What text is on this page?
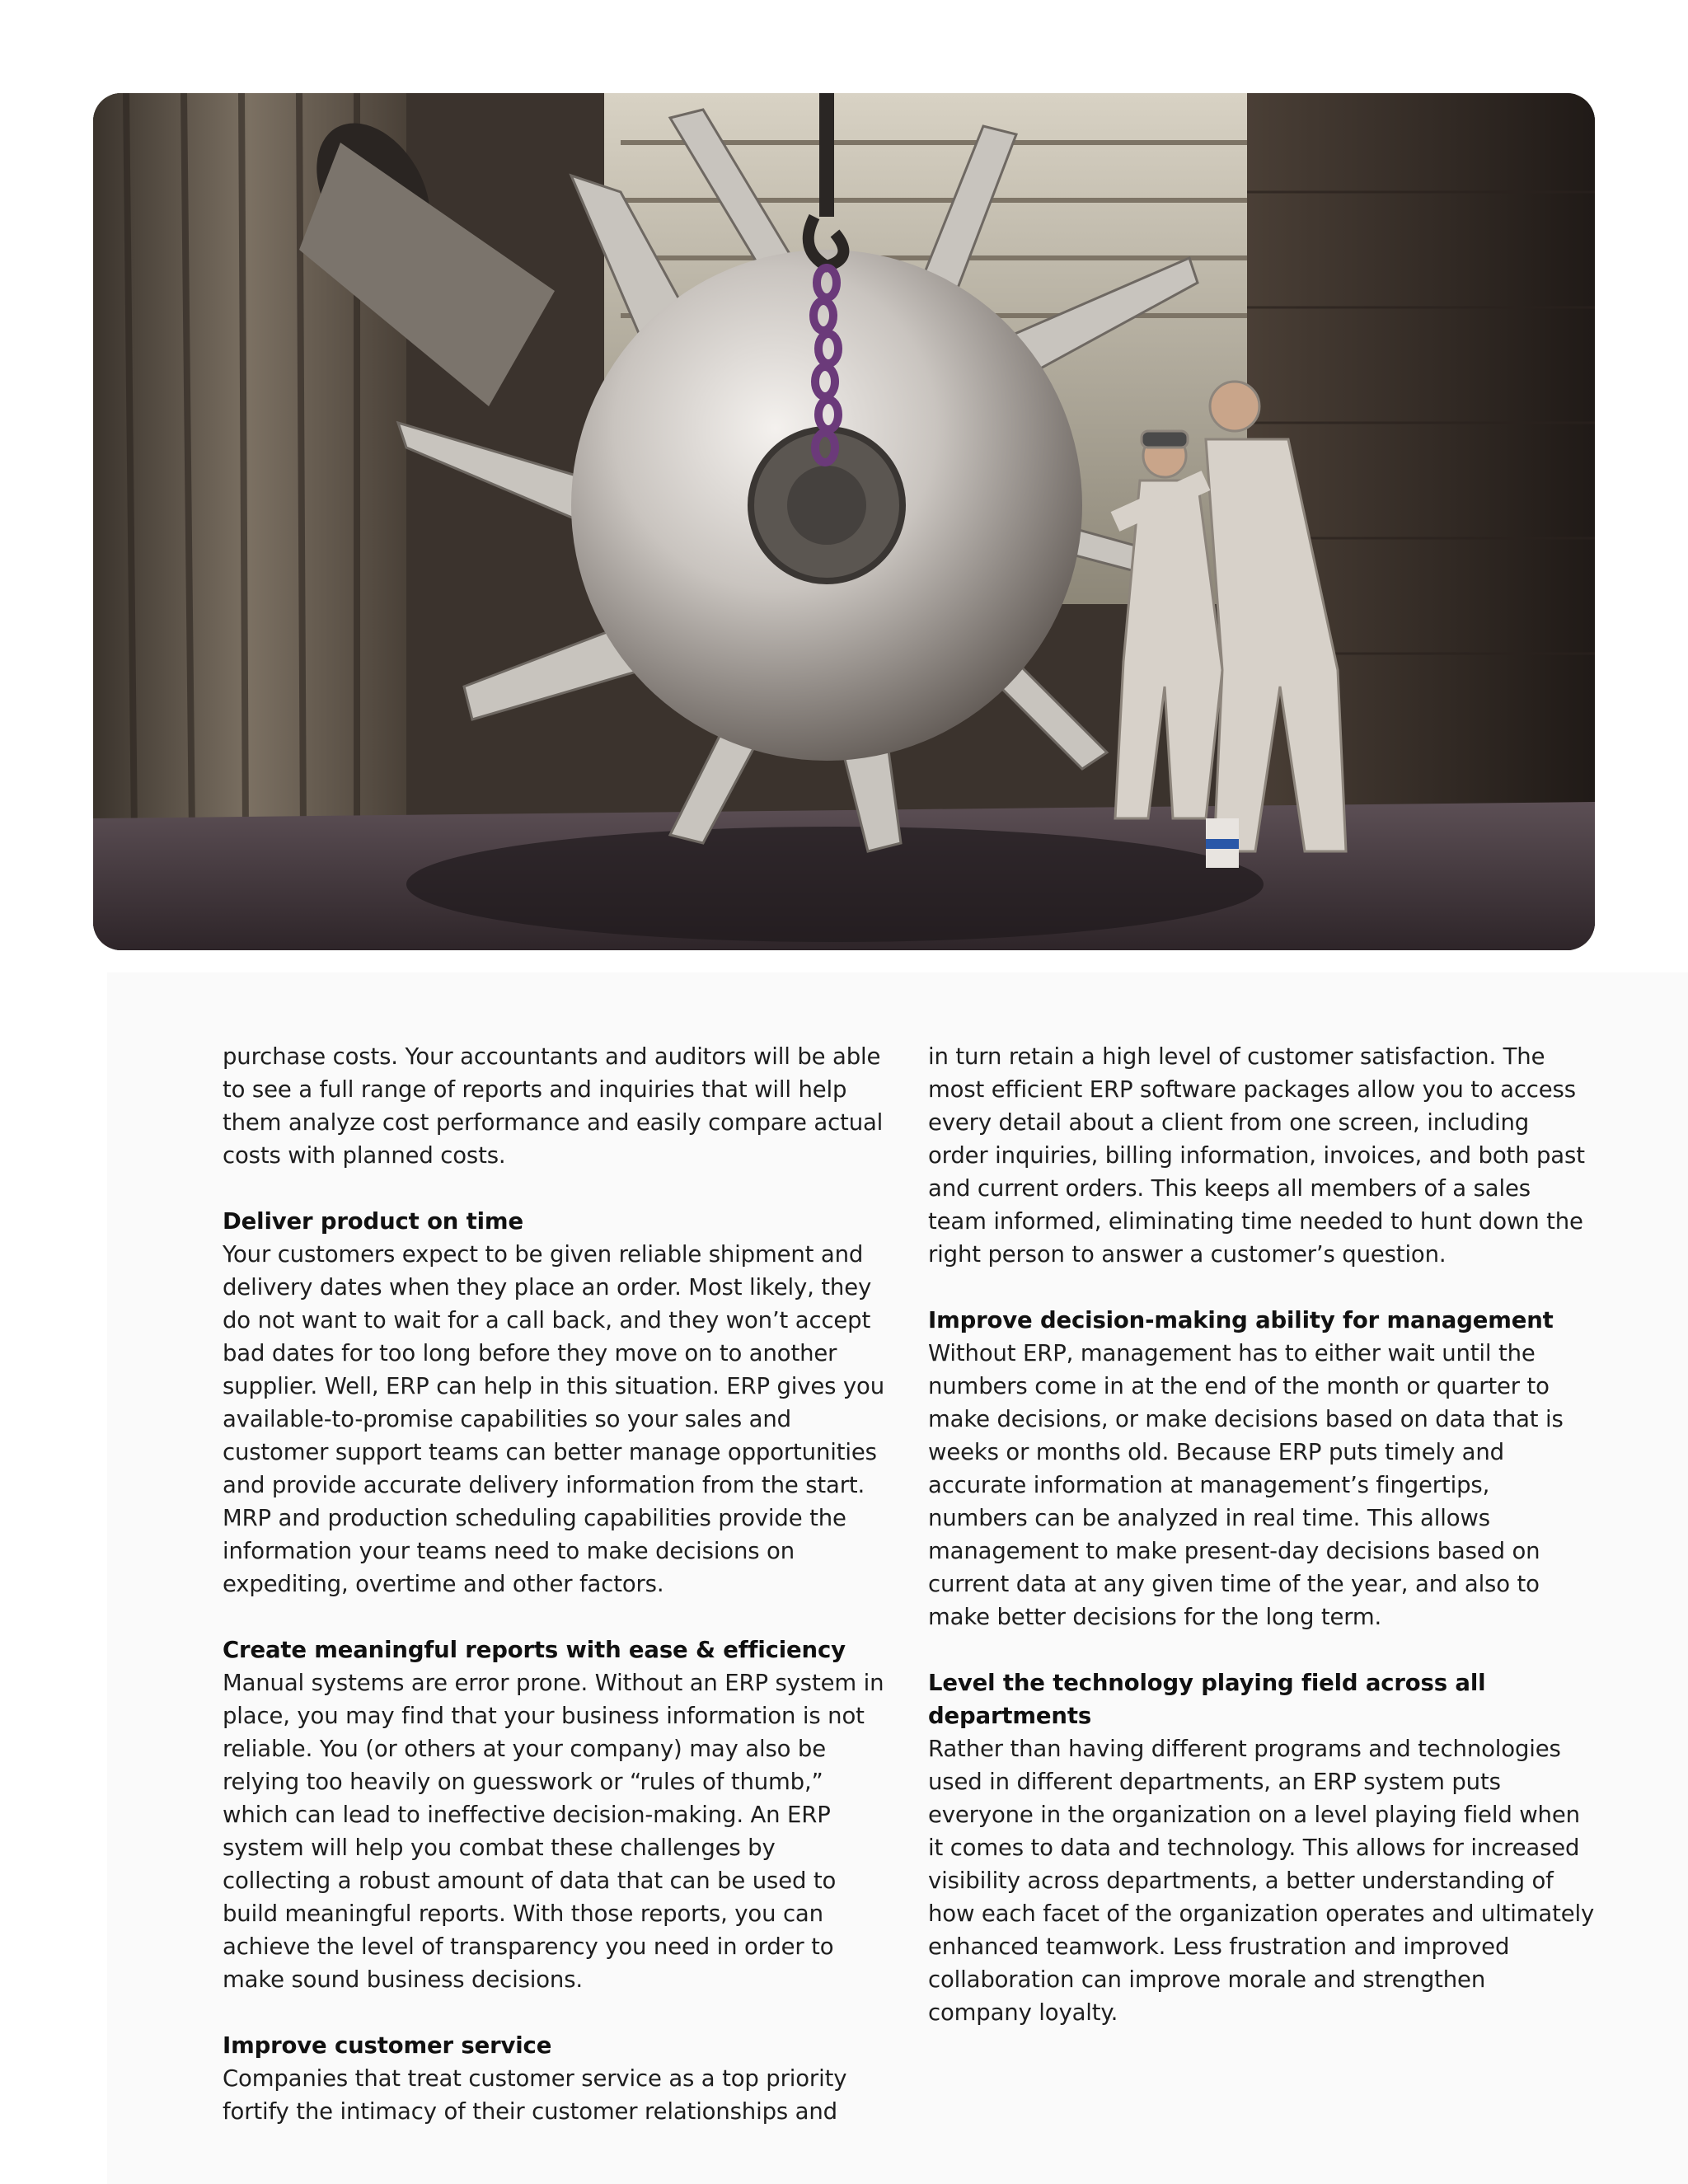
purchase costs. Your accountants and auditors will be able to see a full range of reports and inquiries that will help them analyze cost performance and easily compare actual costs with planned costs.

Deliver product on time

Your customers expect to be given reliable shipment and delivery dates when they place an order. Most likely, they do not want to wait for a call back, and they won’t accept bad dates for too long before they move on to another supplier. Well, ERP can help in this situation. ERP gives you available-to-promise capabilities so your sales and customer support teams can better manage opportunities and provide accurate delivery information from the start. MRP and production scheduling capabilities provide the information your teams need to make decisions on expediting, overtime and other factors.

Create meaningful reports with ease & efficiency

Manual systems are error prone. Without an ERP system in place, you may find that your business information is not reliable. You (or others at your company) may also be relying too heavily on guesswork or “rules of thumb,” which can lead to ineffective decision-making. An ERP system will help you combat these challenges by collecting a robust amount of data that can be used to build meaningful reports. With those reports, you can achieve the level of transparency you need in order to make sound business decisions.

Improve customer service

Companies that treat customer service as a top priority fortify the intimacy of their customer relationships and

in turn retain a high level of customer satisfaction. The most efficient ERP software packages allow you to access every detail about a client from one screen, including order inquiries, billing information, invoices, and both past and current orders. This keeps all members of a sales team informed, eliminating time needed to hunt down the right person to answer a customer’s question.

Improve decision-making ability for management

Without ERP, management has to either wait until the numbers come in at the end of the month or quarter to make decisions, or make decisions based on data that is weeks or months old. Because ERP puts timely and accurate information at management’s fingertips, numbers can be analyzed in real time. This allows management to make present-day decisions based on current data at any given time of the year, and also to make better decisions for the long term.

Level the technology playing field across all departments

Rather than having different programs and technologies used in different departments, an ERP system puts everyone in the organization on a level playing field when it comes to data and technology. This allows for increased visibility across departments, a better understanding of how each facet of the organization operates and ultimately enhanced teamwork. Less frustration and improved collaboration can improve morale and strengthen company loyalty.
